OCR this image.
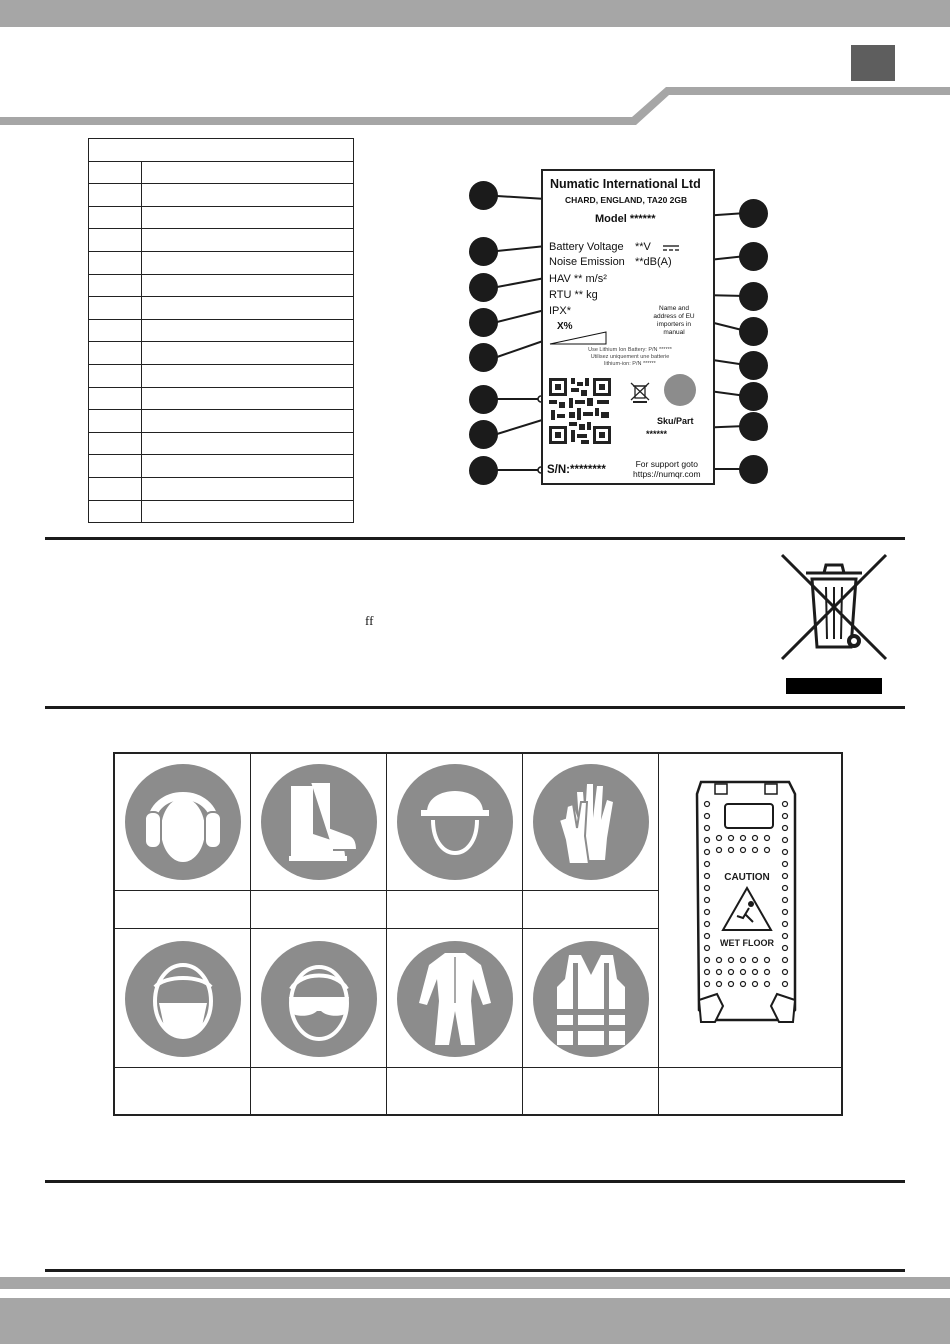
Numatic International Ltd
CHARD, ENGLAND, TA20 2GB
Model ******
Battery Voltage **V
Noise Emission **dB(A)
HAV ** m/s²
RTU ** kg
IPX*
X%
Name and
address of EU
importers in
manual
Use Lithium Ion Battery: P/N ******
Utilisez uniquement une batterie
lithium-ion: P/N ******
Sku/Part
******
S/N:********	For support goto
https://numqr.com
ff
CAUTION
WET FLOOR
